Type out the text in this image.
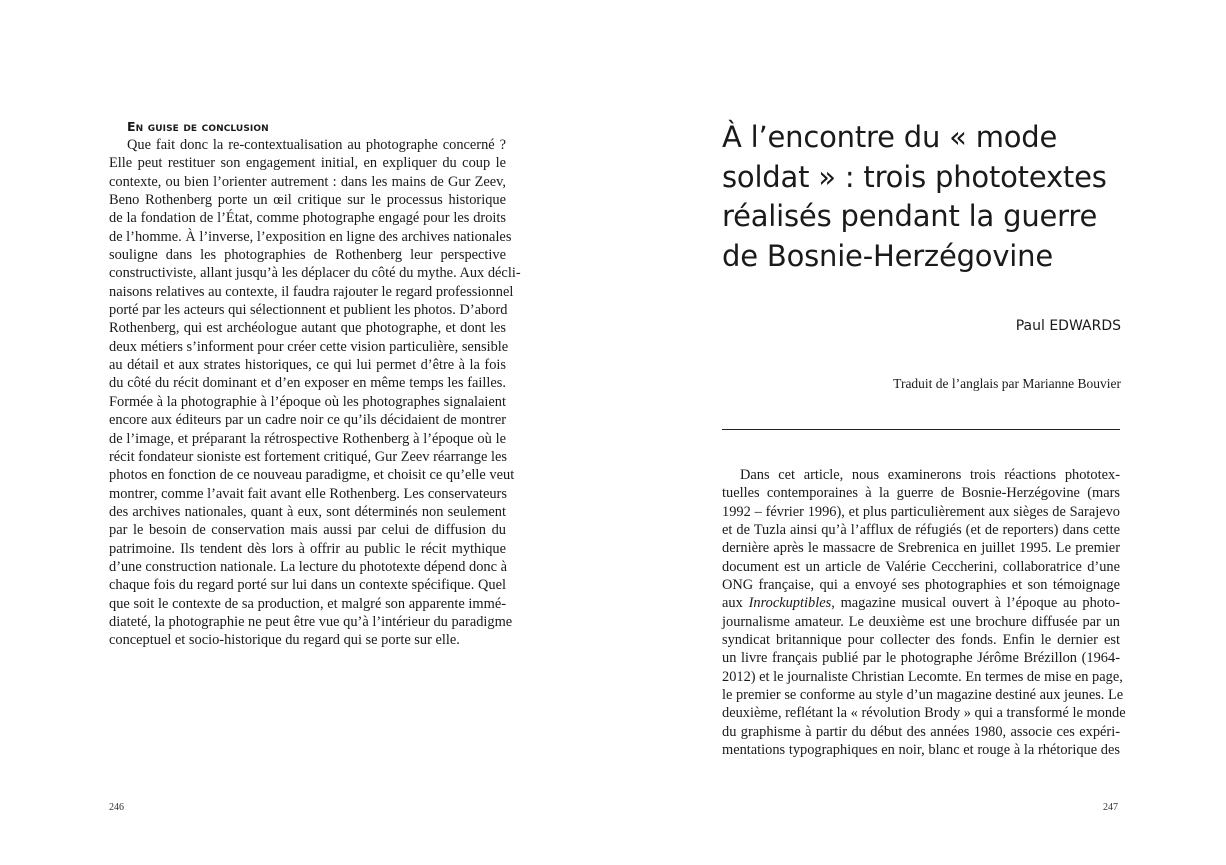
En guise de conclusion
Que fait donc la re-contextualisation au photographe concerné ?
Elle peut restituer son engagement initial, en expliquer du coup le
contexte, ou bien l’orienter autrement : dans les mains de Gur Zeev,
Beno Rothenberg porte un œil critique sur le processus historique
de la fondation de l’État, comme photographe engagé pour les droits
de l’homme. À l’inverse, l’exposition en ligne des archives nationales
souligne dans les photographies de Rothenberg leur perspective
constructiviste, allant jusqu’à les déplacer du côté du mythe. Aux décli-
naisons relatives au contexte, il faudra rajouter le regard professionnel
porté par les acteurs qui sélectionnent et publient les photos. D’abord
Rothenberg, qui est archéologue autant que photographe, et dont les
deux métiers s’informent pour créer cette vision particulière, sensible
au détail et aux strates historiques, ce qui lui permet d’être à la fois
du côté du récit dominant et d’en exposer en même temps les failles.
Formée à la photographie à l’époque où les photographes signalaient
encore aux éditeurs par un cadre noir ce qu’ils décidaient de montrer
de l’image, et préparant la rétrospective Rothenberg à l’époque où le
récit fondateur sioniste est fortement critiqué, Gur Zeev réarrange les
photos en fonction de ce nouveau paradigme, et choisit ce qu’elle veut
montrer, comme l’avait fait avant elle Rothenberg. Les conservateurs
des archives nationales, quant à eux, sont déterminés non seulement
par le besoin de conservation mais aussi par celui de diffusion du
patrimoine. Ils tendent dès lors à offrir au public le récit mythique
d’une construction nationale. La lecture du phototexte dépend donc à
chaque fois du regard porté sur lui dans un contexte spécifique. Quel
que soit le contexte de sa production, et malgré son apparente immé-
diateté, la photographie ne peut être vue qu’à l’intérieur du paradigme
conceptuel et socio-historique du regard qui se porte sur elle.
246
À l’encontre du « mode
soldat » : trois phototextes
réalisés pendant la guerre
de Bosnie-Herzégovine
Paul EDWARDS
Traduit de l’anglais par Marianne Bouvier
Dans cet article, nous examinerons trois réactions phototex-
tuelles contemporaines à la guerre de Bosnie-Herzégovine (mars
1992 – février 1996), et plus particulièrement aux sièges de Sarajevo
et de Tuzla ainsi qu’à l’afflux de réfugiés (et de reporters) dans cette
dernière après le massacre de Srebrenica en juillet 1995. Le premier
document est un article de Valérie Ceccherini, collaboratrice d’une
ONG française, qui a envoyé ses photographies et son témoignage
aux Inrockuptibles, magazine musical ouvert à l’époque au photo-
journalisme amateur. Le deuxième est une brochure diffusée par un
syndicat britannique pour collecter des fonds. Enfin le dernier est
un livre français publié par le photographe Jérôme Brézillon (1964-
2012) et le journaliste Christian Lecomte. En termes de mise en page,
le premier se conforme au style d’un magazine destiné aux jeunes. Le
deuxième, reflétant la « révolution Brody » qui a transformé le monde
du graphisme à partir du début des années 1980, associe ces expéri-
mentations typographiques en noir, blanc et rouge à la rhétorique des
247
